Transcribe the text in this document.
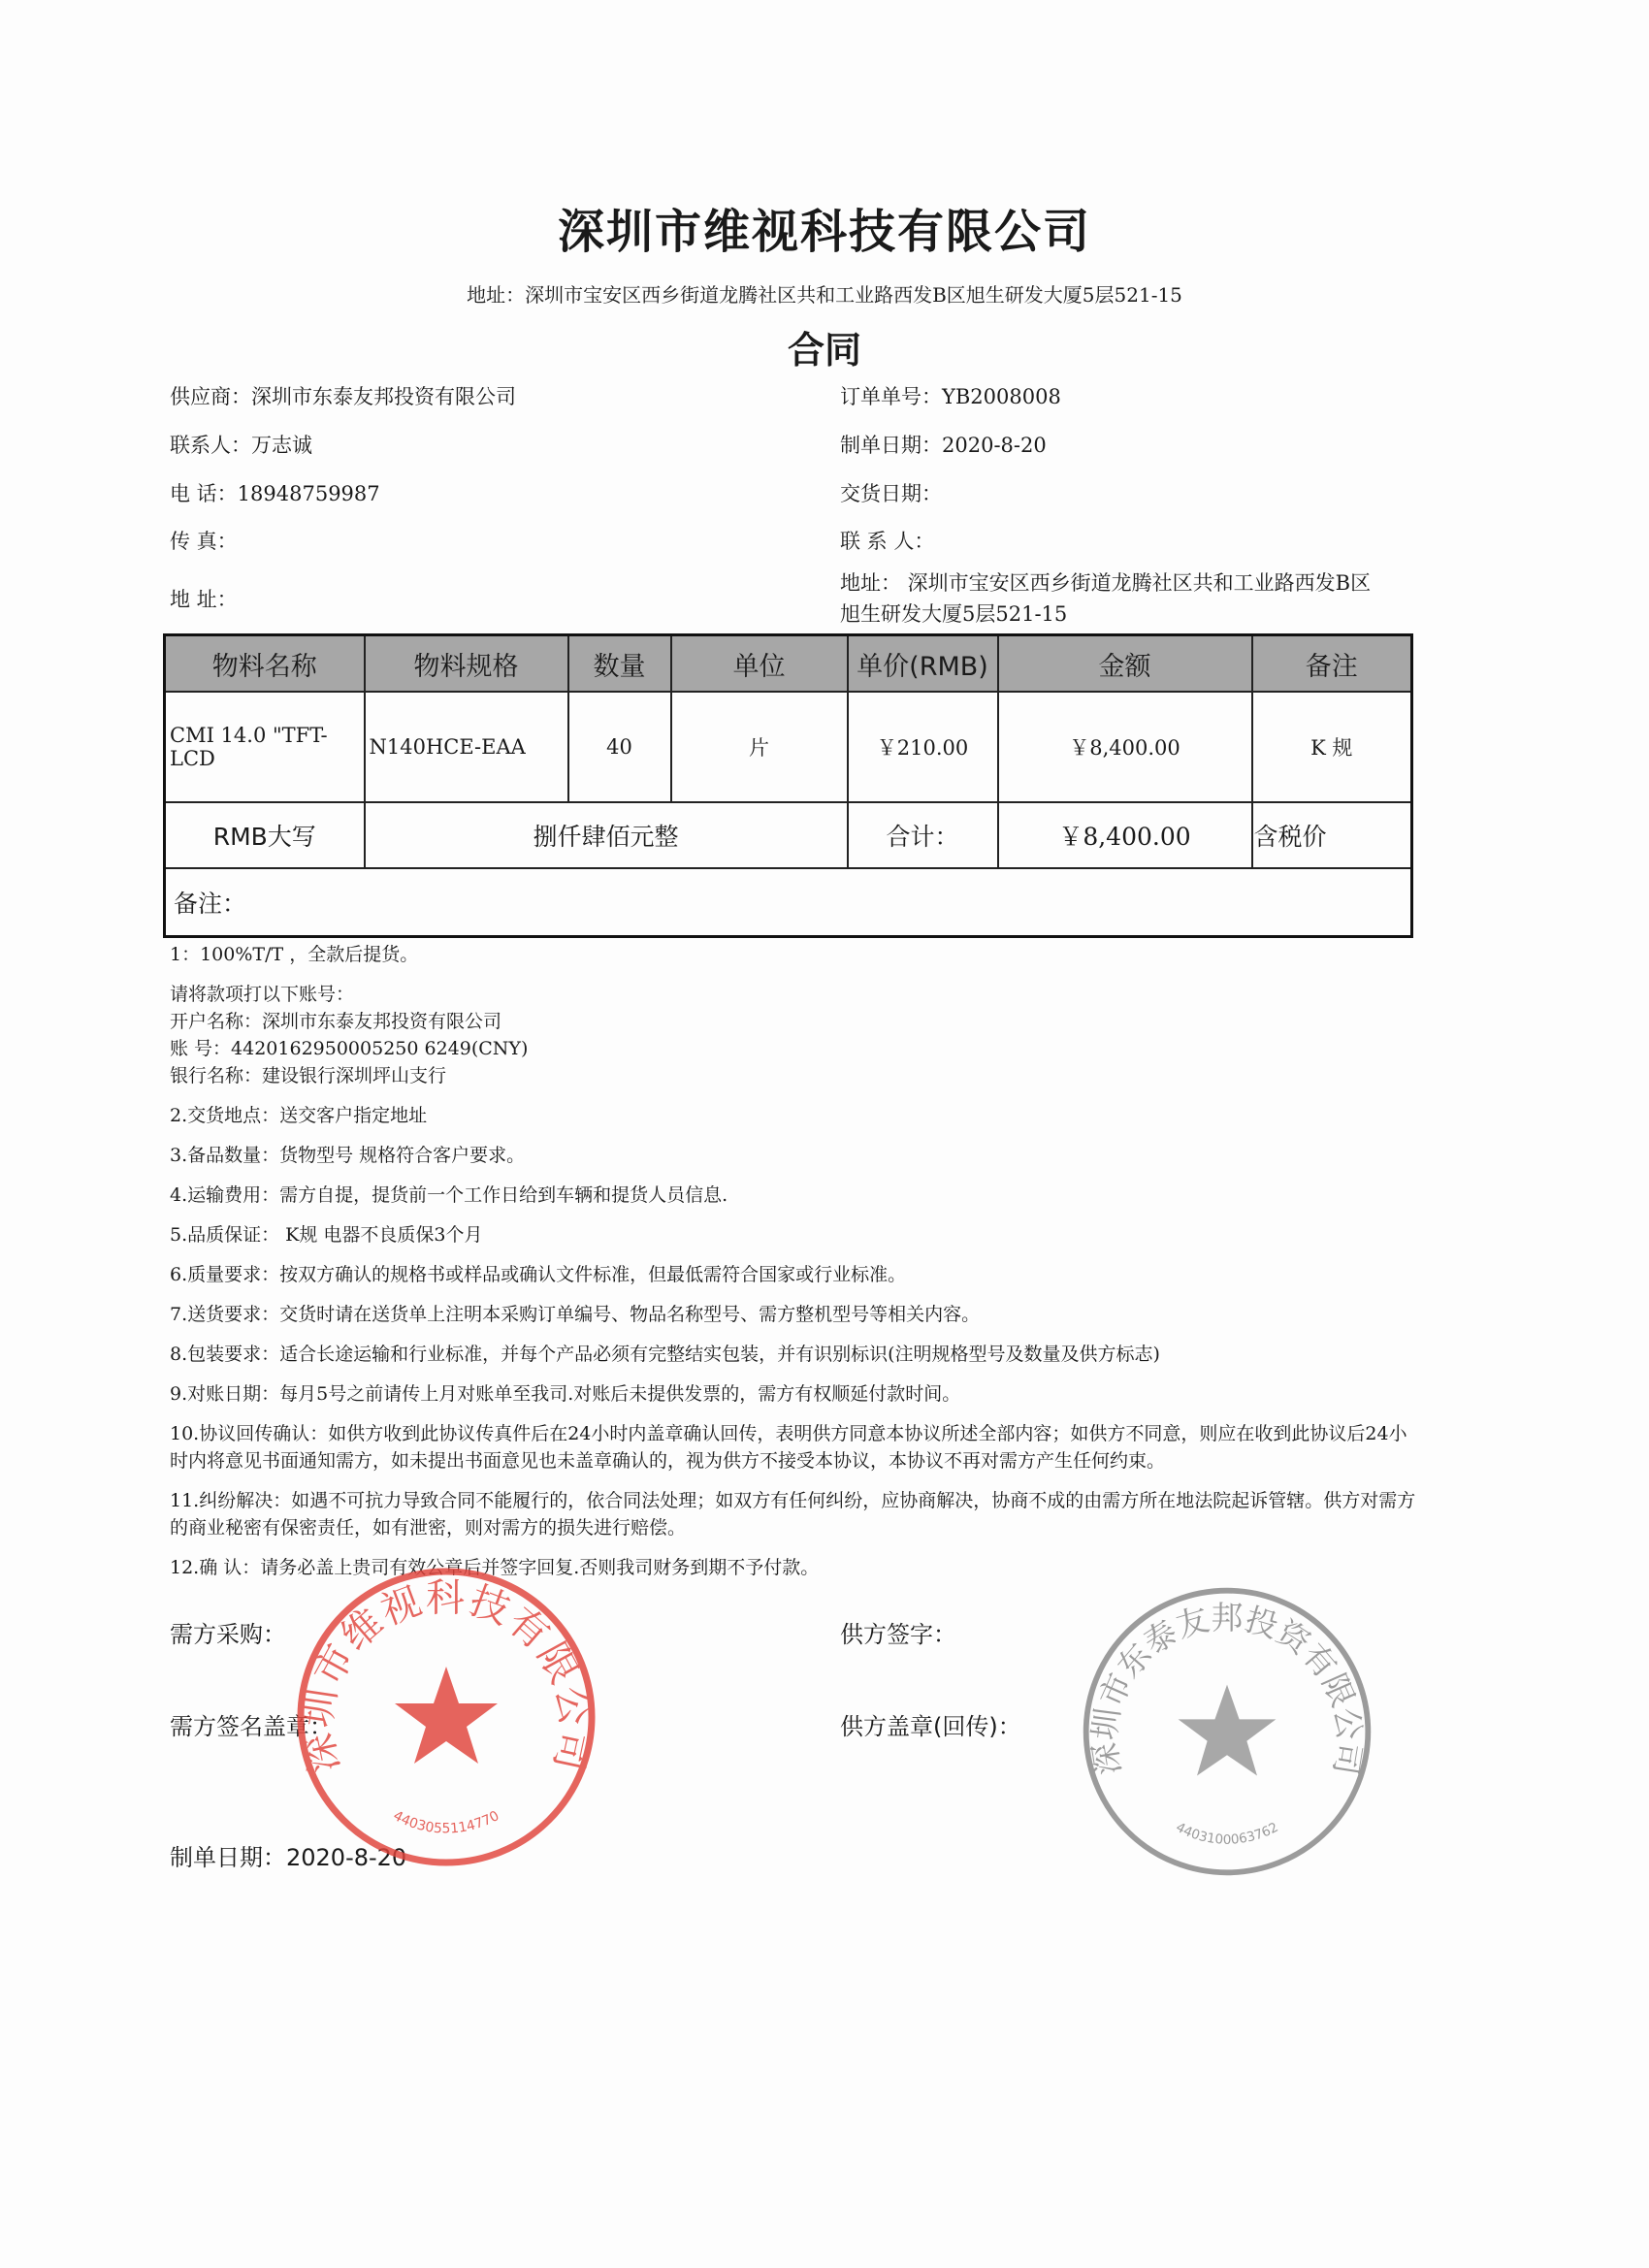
深圳市维视科技有限公司
地址：深圳市宝安区西乡街道龙腾社区共和工业路西发B区旭生研发大厦5层521-15
合同
供应商：深圳市东泰友邦投资有限公司
联系人：万志诚
电 话：18948759987
传 真：
地 址：
订单单号：YB2008008
制单日期：2020-8-20
交货日期：
联 系 人：
地址： 深圳市宝安区西乡街道龙腾社区共和工业路西发B区旭生研发大厦5层521-15
物料名称	物料规格	数量	单位	单价(RMB)	金额	备注
CMI 14.0 "TFT-LCD	N140HCE-EAA	40	片	￥210.00	￥8,400.00	K 规
RMB大写	捌仟肆佰元整			合计：	￥8,400.00	含税价
备注：						

1：100%T/T ，全款后提货。

请将款项打以下账号：

开户名称：深圳市东泰友邦投资有限公司

账 号：4420162950005250 6249(CNY)

银行名称：建设银行深圳坪山支行

2.交货地点：送交客户指定地址

3.备品数量：货物型号 规格符合客户要求。

4.运输费用：需方自提，提货前一个工作日给到车辆和提货人员信息.

5.品质保证： K规 电器不良质保3个月

6.质量要求：按双方确认的规格书或样品或确认文件标准，但最低需符合国家或行业标准。

7.送货要求：交货时请在送货单上注明本采购订单编号、物品名称型号、需方整机型号等相关内容。

8.包装要求：适合长途运输和行业标准，并每个产品必须有完整结实包装，并有识别标识(注明规格型号及数量及供方标志)

9.对账日期：每月5号之前请传上月对账单至我司.对账后未提供发票的，需方有权顺延付款时间。

10.协议回传确认：如供方收到此协议传真件后在24小时内盖章确认回传，表明供方同意本协议所述全部内容；如供方不同意，则应在收到此协议后24小时内将意见书面通知需方，如未提出书面意见也未盖章确认的，视为供方不接受本协议，本协议不再对需方产生任何约束。

11.纠纷解决：如遇不可抗力导致合同不能履行的，依合同法处理；如双方有任何纠纷，应协商解决，协商不成的由需方所在地法院起诉管辖。供方对需方的商业秘密有保密责任，如有泄密，则对需方的损失进行赔偿。

12.确 认：请务必盖上贵司有效公章后并签字回复.否则我司财务到期不予付款。

需方采购：	供方签字：
需方签名盖章：	供方盖章(回传)：
制单日期：2020-8-20
深圳市维视科技有限公司
4403055114770
深圳市东泰友邦投资有限公司
4403100063762
